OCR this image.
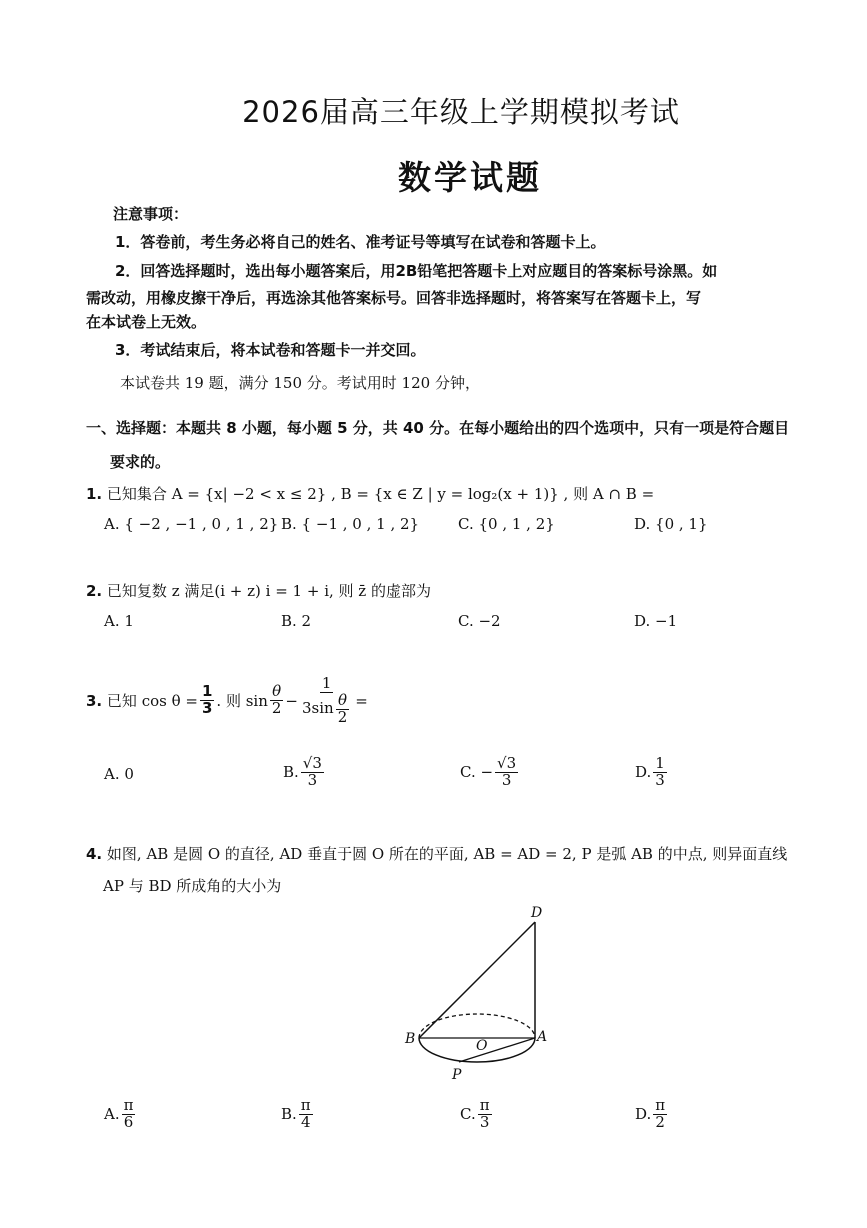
2026届高三年级上学期模拟考试
数学试题
注意事项：
1．答卷前，考生务必将自己的姓名、准考证号等填写在试卷和答题卡上。
2．回答选择题时，选出每小题答案后，用2B铅笔把答题卡上对应题目的答案标号涂黑。如
需改动，用橡皮擦干净后，再选涂其他答案标号。回答非选择题时，将答案写在答题卡上，写
在本试卷上无效。
3．考试结束后，将本试卷和答题卡一并交回。
本试卷共 19 题，满分 150 分。考试用时 120 分钟，
一、选择题：本题共 8 小题，每小题 5 分，共 40 分。在每小题给出的四个选项中，只有一项是符合题目
要求的。
1. 已知集合 A = {x| −2 < x ≤ 2} , B = {x ∈ Z | y = log₂(x + 1)} , 则 A ∩ B =
A. { −2 , −1 , 0 , 1 , 2} B. { −1 , 0 , 1 , 2}	C. {0 , 1 , 2}	D. {0 , 1}
2. 已知复数 z 满足(i + z) i = 1 + i, 则 z̄ 的虚部为
A. 1	B. 2	C. −2	D. −1
3.
已知 $\cos \theta = \frac{1}{3}$ . 则 $\sin \frac{\theta}{2} - \frac{1}{3\sin \frac{\theta}{2}}$ =
A. 0	B. $\frac{√3}{3}$	C. − $\frac{√3}{3}$	D. $\frac{1}{3}$
4. 如图, AB 是圆 O 的直径, AD 垂直于圆 O 所在的平面, AB = AD = 2, P 是弧 AB 的中点, 则异面直线
AP 与 BD 所成角的大小为
D
B	O
A
P
A. $\frac{\pi}{6}$	B. $\frac{\pi}{4}$	C. $\frac{\pi}{3}$	D. $\frac{\pi}{2}$
